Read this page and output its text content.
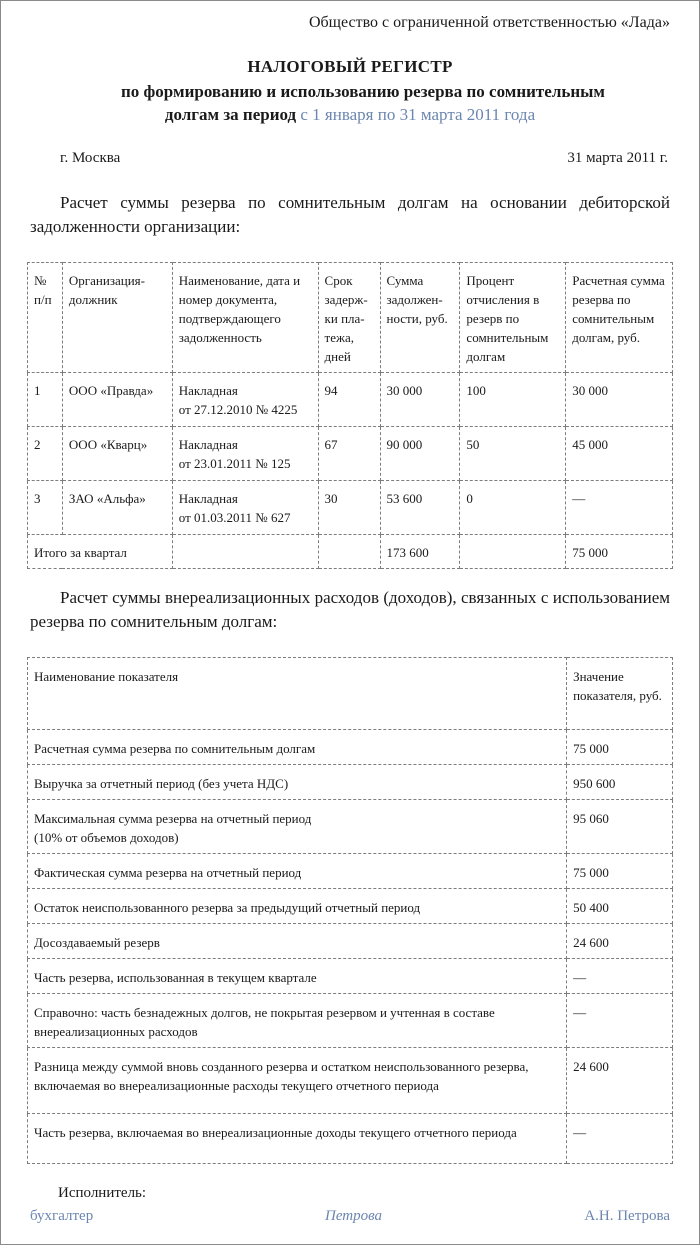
Общество с ограниченной ответственностью «Лада»
НАЛОГОВЫЙ РЕГИСТР
по формированию и использованию резерва по сомнительным
долгам за период с 1 января по 31 марта 2011 года
г. Москва	31 марта 2011 г.
Расчет суммы резерва по сомнительным долгам на основании дебиторской задолженности организации:
№ п/п	Организация-должник	Наименование, дата и номер документа, подтверждающего задолженность	Срок задержки платежа, дней	Сумма задолженности, руб.	Процент отчисления в резерв по сомнительным долгам	Расчетная сумма резерва по сомнительным долгам, руб.
1	ООО «Правда»	Накладная
от 27.12.2010 № 4225	94	30 000	100	30 000
2	ООО «Кварц»	Накладная
от 23.01.2011 № 125	67	90 000	50	45 000
3	ЗАО «Альфа»	Накладная
от 01.03.2011 № 627	30	53 600	0	—
Итого за квартал				173 600		75 000
Расчет суммы внереализационных расходов (доходов), связанных с использованием резерва по сомнительным долгам:
Наименование показателя	Значение показателя, руб.
Расчетная сумма резерва по сомнительным долгам	75 000
Выручка за отчетный период (без учета НДС)	950 600
Максимальная сумма резерва на отчетный период
(10% от объемов доходов)	95 060
Фактическая сумма резерва на отчетный период	75 000
Остаток неиспользованного резерва за предыдущий отчетный период	50 400
Досоздаваемый резерв	24 600
Часть резерва, использованная в текущем квартале	—
Справочно: часть безнадежных долгов, не покрытая резервом и учтенная в составе внереализационных расходов	—
Разница между суммой вновь созданного резерва и остатком неиспользованного резерва, включаемая во внереализационные расходы текущего отчетного периода	24 600
Часть резерва, включаемая во внереализационные доходы текущего отчетного периода	—
Исполнитель:
бухгалтер	Петрова	А.Н. Петрова
